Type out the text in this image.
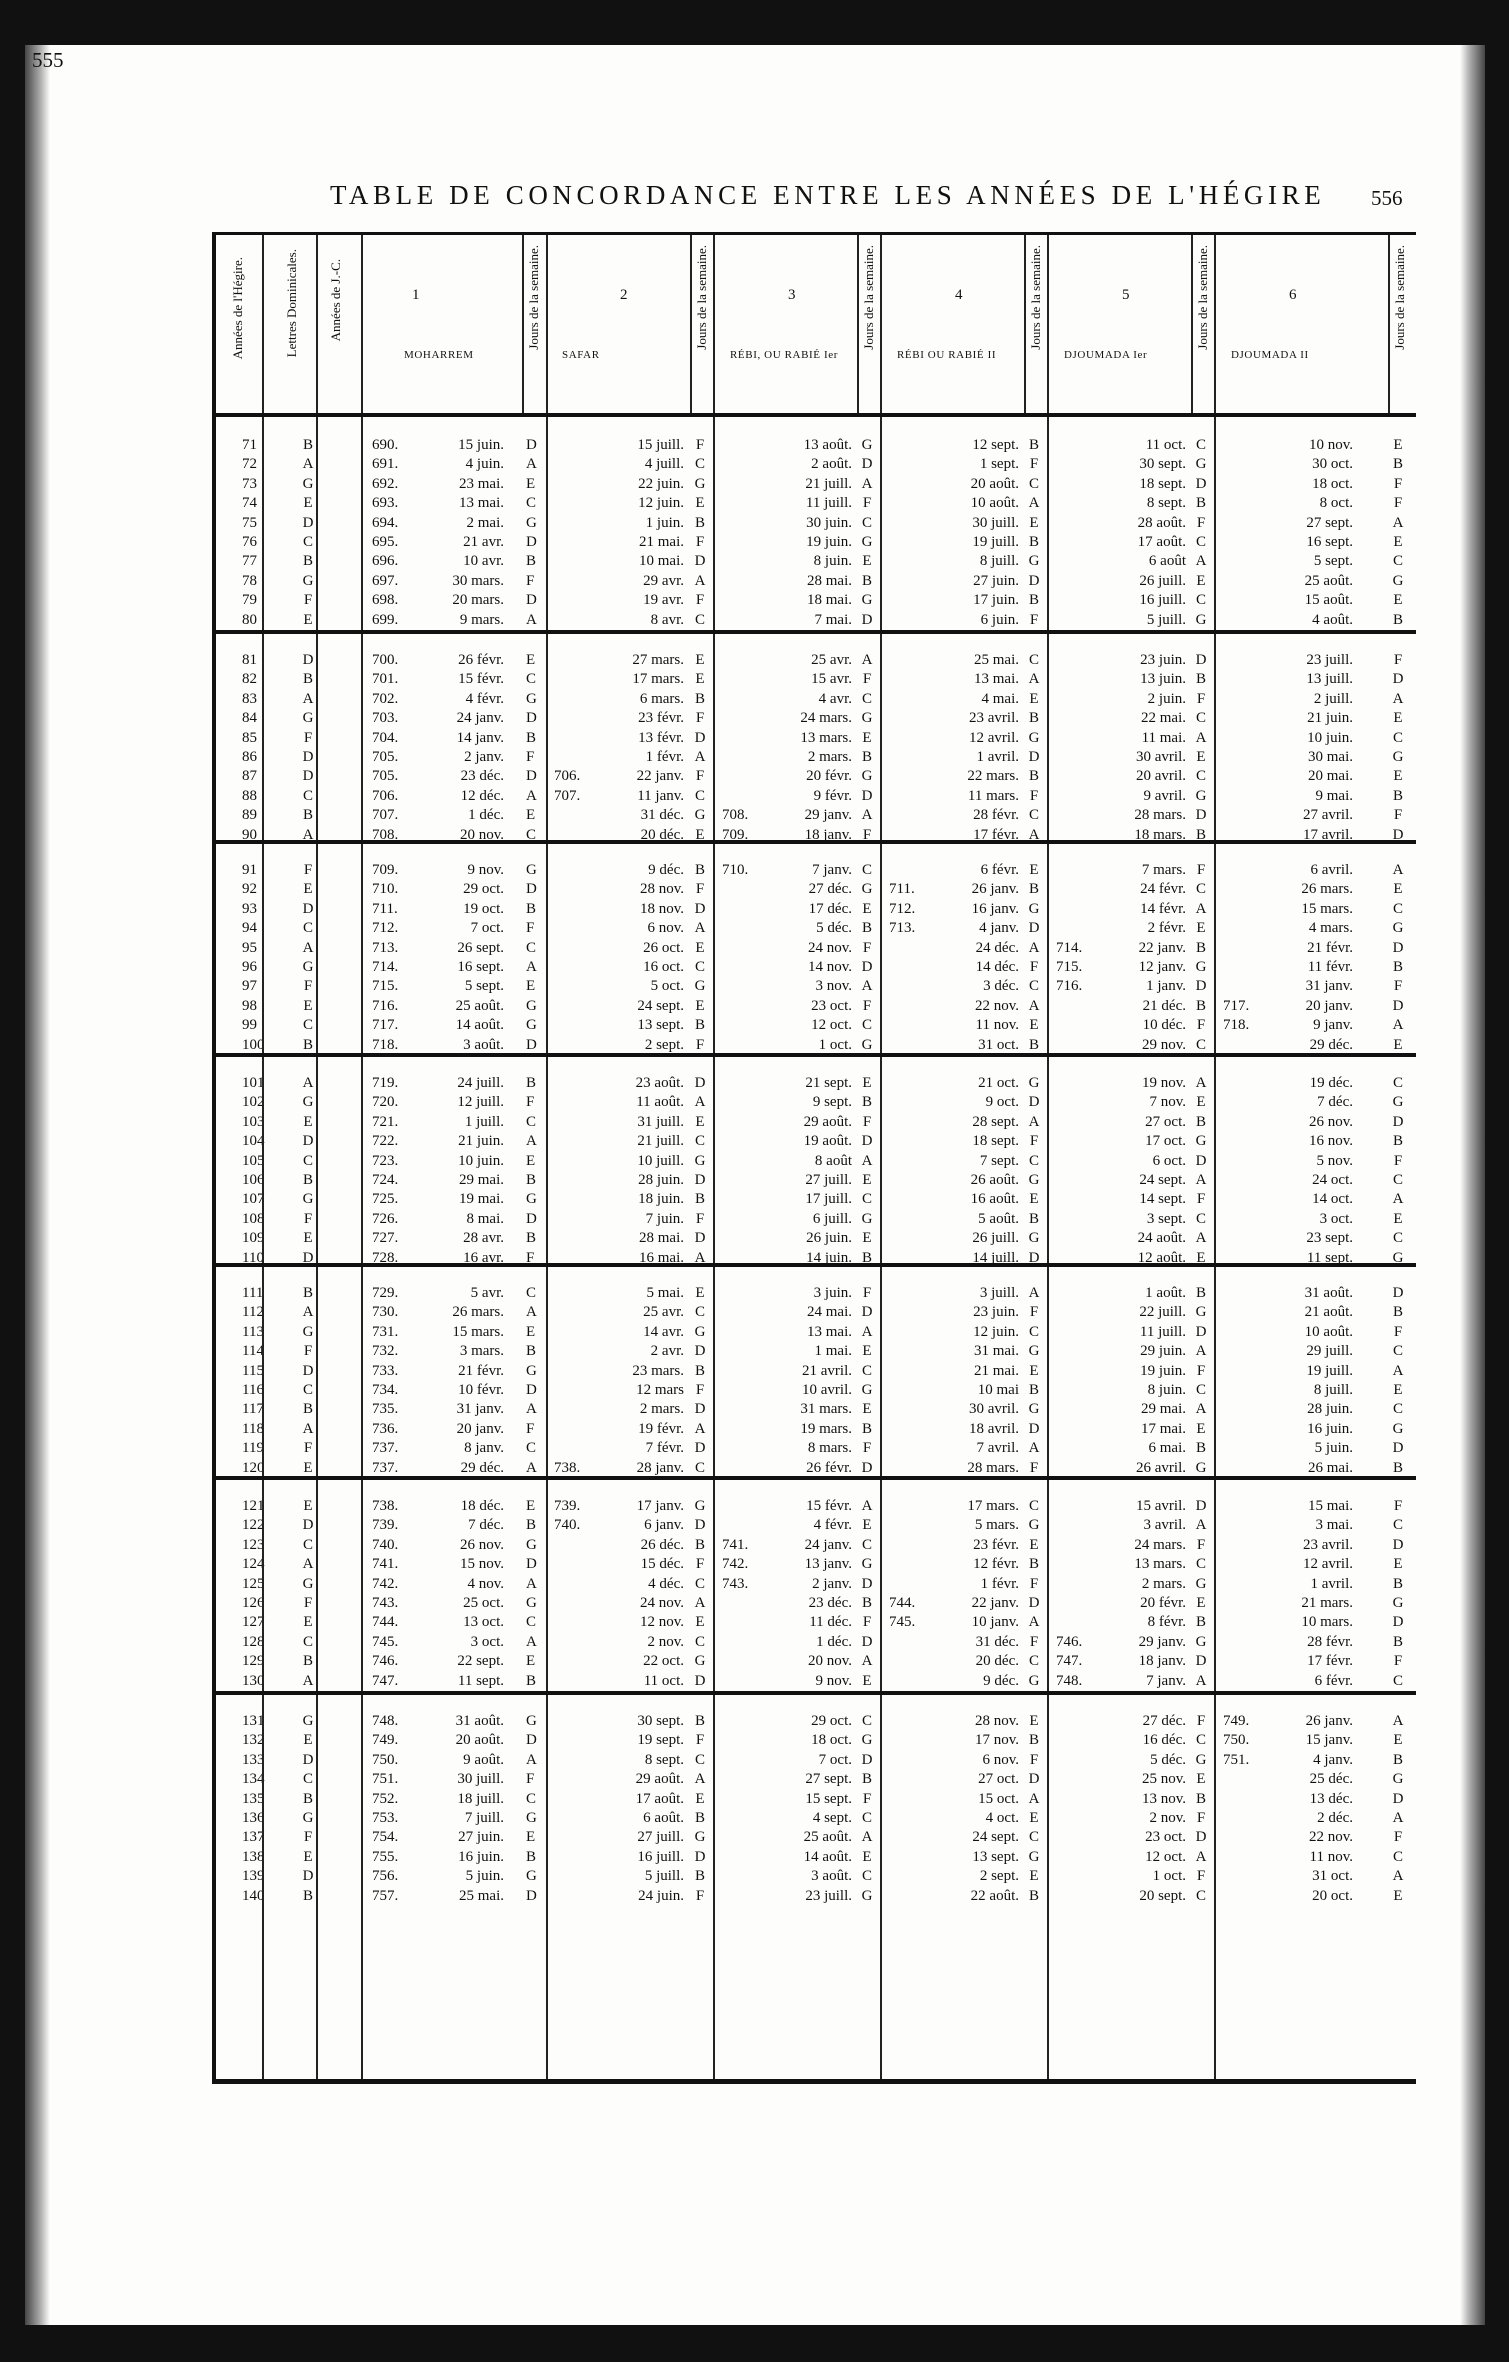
555
TABLE DE CONCORDANCE ENTRE LES ANNÉES DE L'HÉGIRE 556
Années de l'Hégire.	Lettres Dominicales. Années de J.-C.	1
MOHARREM
Jours de la semaine.	2
SAFAR
Jours de la semaine.	3
RÉBI, OU RABIÉ Ier
Jours de la semaine.	4
RÉBI OU RABIÉ II
Jours de la semaine.	5
DJOUMADA Ier
Jours de la semaine.	6
DJOUMADA II
Jours de la semaine.
71	B	690.	15 juin. D	15 juill. F	13 août. G	12 sept. B	11 oct. C	10 nov.	E
72	A	691.	4 juin. A	4 juill. C	2 août. D	1 sept. F	30 sept. G	30 oct.	B
73	G	692.	23 mai. E	22 juin. G	21 juill. A	20 août. C	18 sept. D	18 oct.	F
74	E	693.	13 mai. C	12 juin. E	11 juill. F	10 août. A	8 sept. B	8 oct.	F
75	D	694.	2 mai. G	1 juin. B	30 juin. C	30 juill. E	28 août. F	27 sept.	A
76	C	695.	21 avr. D	21 mai. F	19 juin. G	19 juill. B	17 août. C	16 sept.	E
77	B	696.	10 avr. B	10 mai. D	8 juin. E	8 juill. G	6 août A	5 sept.	C
78	G	697.	30 mars. F	29 avr. A	28 mai. B	27 juin. D	26 juill. E	25 août.	G
79	F	698.	20 mars. D	19 avr. F	18 mai. G	17 juin. B	16 juill. C	15 août.	E
80	E	699.	9 mars. A	8 avr. C	7 mai. D	6 juin. F	5 juill. G	4 août.	B
81	D	700.	26 févr. E	27 mars. E	25 avr. A	25 mai. C	23 juin. D	23 juill.	F
82	B	701.	15 févr. C	17 mars. E	15 avr. F	13 mai. A	13 juin. B	13 juill.	D
83	A	702.	4 févr. G	6 mars. B	4 avr. C	4 mai. E	2 juin. F	2 juill.	A
84	G	703.	24 janv. D	23 févr. F	24 mars. G	23 avril. B	22 mai. C	21 juin.	E
85	F	704.	14 janv. B	13 févr. D	13 mars. E	12 avril. G	11 mai. A	10 juin.	C
86	D	705.	2 janv. F	1 févr. A	2 mars. B	1 avril. D	30 avril. E	30 mai.	G
87	D	705.	23 déc. D 706.	22 janv. F	20 févr. G	22 mars. B	20 avril. C	20 mai.	E
88	C	706.	12 déc. A 707.	11 janv. C	9 févr. D	11 mars. F	9 avril. G	9 mai.	B
89	B	707.	1 déc. E	31 déc. G 708.	29 janv. A	28 févr. C	28 mars. D	27 avril.	F
90	A	708.	20 nov. C	20 déc. E 709.	18 janv. F	17 févr. A	18 mars. B	17 avril.	D
91	F	709.	9 nov. G	9 déc. B 710.	7 janv. C	6 févr. E	7 mars. F	6 avril.	A
92	E	710.	29 oct. D	28 nov. F	27 déc. G 711.	26 janv. B	24 févr. C	26 mars.	E
93	D	711.	19 oct. B	18 nov. D	17 déc. E 712.	16 janv. G	14 févr. A	15 mars.	C
94	C	712.	7 oct. F	6 nov. A	5 déc. B 713.	4 janv. D	2 févr. E	4 mars.	G
95	A	713.	26 sept. C	26 oct. E	24 nov. F	24 déc. A 714.	22 janv. B	21 févr.	D
96	G	714.	16 sept. A	16 oct. C	14 nov. D	14 déc. F 715.	12 janv. G	11 févr.	B
97	F	715.	5 sept. E	5 oct. G	3 nov. A	3 déc. C 716.	1 janv. D	31 janv.	F
98	E	716.	25 août. G	24 sept. E	23 oct. F	22 nov. A	21 déc. B 717.	20 janv.	D
99	C	717.	14 août. G	13 sept. B	12 oct. C	11 nov. E	10 déc. F 718.	9 janv.	A
100	B	718.	3 août. D	2 sept. F	1 oct. G	31 oct. B	29 nov. C	29 déc.	E
101	A	719.	24 juill. B	23 août. D	21 sept. E	21 oct. G	19 nov. A	19 déc.	C
102	G	720.	12 juill. F	11 août. A	9 sept. B	9 oct. D	7 nov. E	7 déc.	G
103	E	721.	1 juill. C	31 juill. E	29 août. F	28 sept. A	27 oct. B	26 nov.	D
104	D	722.	21 juin. A	21 juill. C	19 août. D	18 sept. F	17 oct. G	16 nov.	B
105	C	723.	10 juin. E	10 juill. G	8 août A	7 sept. C	6 oct. D	5 nov.	F
106	B	724.	29 mai. B	28 juin. D	27 juill. E	26 août. G	24 sept. A	24 oct.	C
107	G	725.	19 mai. G	18 juin. B	17 juill. C	16 août. E	14 sept. F	14 oct.	A
108	F	726.	8 mai. D	7 juin. F	6 juill. G	5 août. B	3 sept. C	3 oct.	E
109	E	727.	28 avr. B	28 mai. D	26 juin. E	26 juill. G	24 août. A	23 sept.	C
110	D	728.	16 avr. F	16 mai. A	14 juin. B	14 juill. D	12 août. E	11 sept.	G
111	B	729.	5 avr. C	5 mai. E	3 juin. F	3 juill. A	1 août. B	31 août.	D
112	A	730.	26 mars. A	25 avr. C	24 mai. D	23 juin. F	22 juill. G	21 août.	B
113	G	731.	15 mars. E	14 avr. G	13 mai. A	12 juin. C	11 juill. D	10 août.	F
114	F	732.	3 mars. B	2 avr. D	1 mai. E	31 mai. G	29 juin. A	29 juill.	C
115	D	733.	21 févr. G	23 mars. B	21 avril. C	21 mai. E	19 juin. F	19 juill.	A
116	C	734.	10 févr. D	12 mars F	10 avril. G	10 mai B	8 juin. C	8 juill.	E
117	B	735.	31 janv. A	2 mars. D	31 mars. E	30 avril. G	29 mai. A	28 juin.	C
118	A	736.	20 janv. F	19 févr. A	19 mars. B	18 avril. D	17 mai. E	16 juin.	G
119	F	737.	8 janv. C	7 févr. D	8 mars. F	7 avril. A	6 mai. B	5 juin.	D
120	E	737.	29 déc. A 738.	28 janv. C	26 févr. D	28 mars. F	26 avril. G	26 mai.	B
121	E	738.	18 déc. E 739.	17 janv. G	15 févr. A	17 mars. C	15 avril. D	15 mai.	F
122	D	739.	7 déc. B 740.	6 janv. D	4 févr. E	5 mars. G	3 avril. A	3 mai.	C
123	C	740.	26 nov. G	26 déc. B 741.	24 janv. C	23 févr. E	24 mars. F	23 avril.	D
124	A	741.	15 nov. D	15 déc. F 742.	13 janv. G	12 févr. B	13 mars. C	12 avril.	E
125	G	742.	4 nov. A	4 déc. C 743.	2 janv. D	1 févr. F	2 mars. G	1 avril.	B
126	F	743.	25 oct. G	24 nov. A	23 déc. B 744.	22 janv. D	20 févr. E	21 mars.	G
127	E	744.	13 oct. C	12 nov. E	11 déc. F 745.	10 janv. A	8 févr. B	10 mars.	D
128	C	745.	3 oct. A	2 nov. C	1 déc. D	31 déc. F 746.	29 janv. G	28 févr.	B
129	B	746.	22 sept. E	22 oct. G	20 nov. A	20 déc. C 747.	18 janv. D	17 févr.	F
130	A	747.	11 sept. B	11 oct. D	9 nov. E	9 déc. G 748.	7 janv. A	6 févr.	C
131	G	748.	31 août. G	30 sept. B	29 oct. C	28 nov. E	27 déc. F 749.	26 janv.	A
132	E	749.	20 août. D	19 sept. F	18 oct. G	17 nov. B	16 déc. C 750.	15 janv.	E
133	D	750.	9 août. A	8 sept. C	7 oct. D	6 nov. F	5 déc. G 751.	4 janv.	B
134	C	751.	30 juill. F	29 août. A	27 sept. B	27 oct. D	25 nov. E	25 déc.	G
135	B	752.	18 juill. C	17 août. E	15 sept. F	15 oct. A	13 nov. B	13 déc.	D
136	G	753.	7 juill. G	6 août. B	4 sept. C	4 oct. E	2 nov. F	2 déc.	A
137	F	754.	27 juin. E	27 juill. G	25 août. A	24 sept. C	23 oct. D	22 nov.	F
138	E	755.	16 juin. B	16 juill. D	14 août. E	13 sept. G	12 oct. A	11 nov.	C
139	D	756.	5 juin. G	5 juill. B	3 août. C	2 sept. E	1 oct. F	31 oct.	A
140	B	757.	25 mai. D	24 juin. F	23 juill. G	22 août. B	20 sept. C	20 oct.	E
